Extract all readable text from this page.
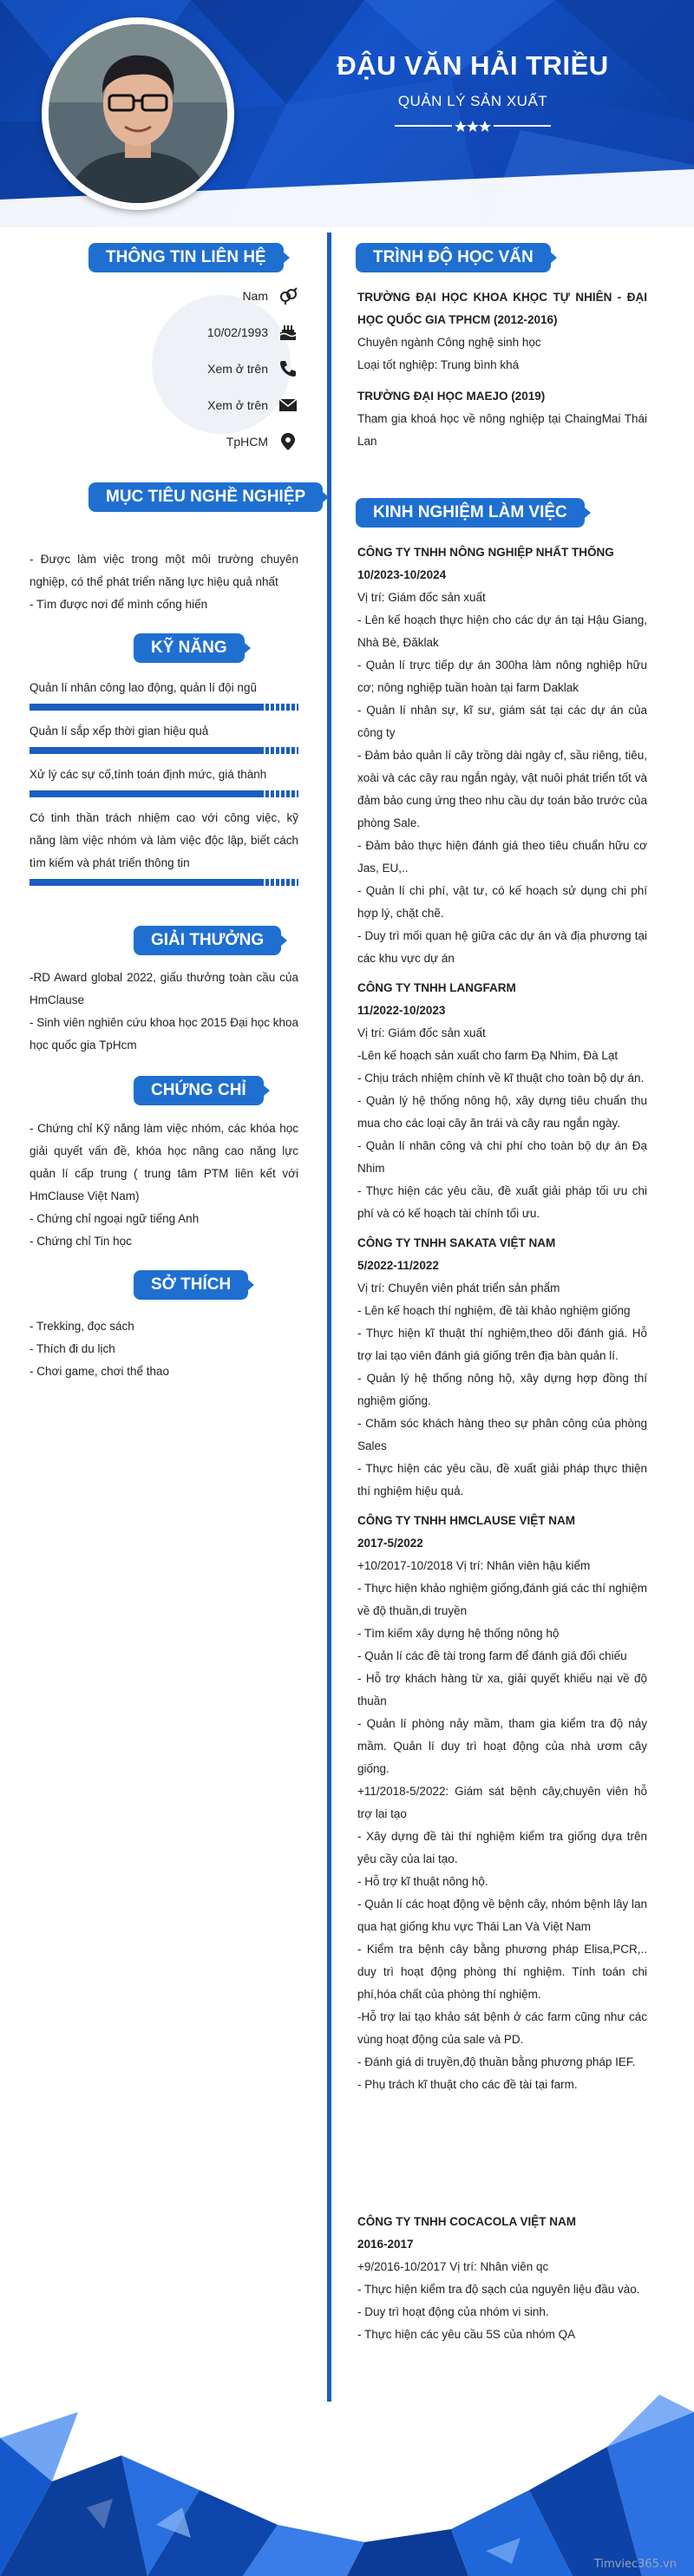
ĐẬU VĂN HẢI TRIỀU
QUẢN LÝ SẢN XUẤT
THÔNG TIN LIÊN HỆ
Nam
10/02/1993
Xem ở trên
Xem ở trên
TpHCM
MỤC TIÊU NGHỀ NGHIỆP

- Được làm việc trong một môi trường chuyên nghiệp, có thể phát triển năng lực hiệu quả nhất

- Tìm được nơi để mình cống hiến

KỸ NĂNG
Quản lí nhân công lao động, quản lí đội ngũ
Quản lí sắp xếp thời gian hiệu quả
Xử lý các sự cố,tính toán định mức, giá thành
Có tinh thần trách nhiệm cao với công việc, kỹ năng làm việc nhóm và làm việc độc lập, biết cách tìm kiếm và phát triển thông tin
GIẢI THƯỞNG

-RD Award global 2022, giấu thưởng toàn cầu của HmClause

- Sinh viên nghiên cứu khoa học 2015 Đại học khoa học quốc gia TpHcm

CHỨNG CHỈ

- Chứng chỉ Kỹ năng làm việc nhóm, các khóa học giải quyết vấn đề, khóa học nâng cao năng lực quản lí cấp trung ( trung tâm PTM liên kết với HmClause Việt Nam)

- Chứng chỉ ngoại ngữ tiếng Anh

- Chứng chỉ Tin học

SỞ THÍCH

- Trekking, đọc sách

- Thích đi du lịch

- Chơi game, chơi thể thao

TRÌNH ĐỘ HỌC VẤN

TRƯỜNG ĐẠI HỌC KHOA KHỌC TỰ NHIÊN - ĐẠI HỌC QUỐC GIA TPHCM (2012-2016)

Chuyên ngành Công nghệ sinh học

Loại tốt nghiệp: Trung bình khá

TRƯỜNG ĐẠI HỌC MAEJO (2019)

Tham gia khoá học về nông nghiệp tại ChaingMai Thái Lan

KINH NGHIỆM LÀM VIỆC

CÔNG TY TNHH NÔNG NGHIỆP NHẤT THỐNG

10/2023-10/2024

Vị trí: Giám đốc sản xuất

- Lên kế hoạch thực hiện cho các dự án tại Hậu Giang, Nhà Bè, Đăklak

- Quản lí trực tiếp dự án 300ha làm nông nghiệp hữu cơ; nông nghiệp tuần hoàn tại farm Daklak

- Quản lí nhân sự, kĩ sư, giám sát tại các dự án của công ty

- Đảm bảo quản lí cây trồng dài ngày cf, sầu riêng, tiêu, xoài và các cây rau ngắn ngày, vật nuôi phát triển tốt và đảm bảo cung ứng theo nhu cầu dự toán bảo trước của phòng Sale.

- Đảm bảo thực hiện đánh giá theo tiêu chuẩn hữu cơ Jas, EU,..

- Quản lí chi phí, vật tư, có kế hoạch sử dụng chi phí hợp lý, chặt chẽ.

- Duy trì mối quan hệ giữa các dự án và địa phương tại các khu vực dự án

CÔNG TY TNHH LANGFARM

11/2022-10/2023

Vị trí: Giám đốc sản xuất

-Lên kế hoạch sản xuất cho farm Đạ Nhim, Đà Lạt

- Chịu trách nhiệm chính về kĩ thuật cho toàn bộ dự án.

- Quản lý hệ thống nông hộ, xây dựng tiêu chuẩn thu mua cho các loại cây ăn trái và cây rau ngắn ngày.

- Quản lí nhân công và chi phí cho toàn bộ dự án Đạ Nhim

- Thực hiện các yêu cầu, đề xuất giải pháp tối ưu chi phí và có kế hoạch tài chính tối ưu.

CÔNG TY TNHH SAKATA VIỆT NAM

5/2022-11/2022

Vị trí: Chuyên viên phát triển sản phẩm

- Lên kế hoạch thí nghiệm, đề tài khảo nghiệm giống

- Thực hiện kĩ thuật thí nghiệm,theo dõi đánh giá. Hỗ trợ lai tạo viên đánh giá giống trên địa bàn quản lí.

- Quản lý hệ thống nông hộ, xây dựng hợp đồng thí nghiệm giống.

- Chăm sóc khách hàng theo sự phân công của phòng Sales

- Thực hiện các yêu cầu, đề xuất giải pháp thực thiện thí nghiệm hiệu quả.

CÔNG TY TNHH HMCLAUSE VIỆT NAM

2017-5/2022

+10/2017-10/2018 Vị trí: Nhân viên hậu kiểm

- Thực hiện khảo nghiệm giống,đánh giá các thí nghiệm về độ thuần,di truyền

- Tìm kiếm xây dựng hệ thống nông hộ

- Quản lí các đề tài trong farm để đánh giá đối chiếu

- Hỗ trợ khách hàng từ xa, giải quyết khiếu nại về độ thuần

- Quản lí phòng nảy mầm, tham gia kiểm tra độ nảy mầm. Quản lí duy trì hoạt động của nhà ươm cây giống.

+11/2018-5/2022: Giám sát bệnh cây,chuyên viên hỗ trợ lai tạo

- Xây dựng đề tài thí nghiệm kiểm tra giống dựa trên yêu cầy của lai tạo.

- Hỗ trợ kĩ thuật nông hộ.

- Quản lí các hoạt động về bệnh cây, nhóm bệnh lây lan qua hạt giống khu vực Thái Lan Và Việt Nam

- Kiểm tra bệnh cây bằng phương pháp Elisa,PCR,.. duy trì hoạt động phòng thí nghiệm. Tính toán chi phí,hóa chất của phòng thí nghiệm.

-Hỗ trợ lai tạo khảo sát bệnh ở các farm cũng như các vùng hoạt động của sale và PD.

- Đánh giá di truyền,độ thuần bằng phương pháp IEF.

- Phụ trách kĩ thuật cho các đề tài tại farm.

CÔNG TY TNHH COCACOLA VIỆT NAM

2016-2017

+9/2016-10/2017 Vị trí: Nhân viên qc

- Thực hiện kiểm tra độ sạch của nguyên liệu đầu vào.

- Duy trì hoạt động của nhóm vi sinh.

- Thực hiện các yêu cầu 5S của nhóm QA

Timviec365.vn
